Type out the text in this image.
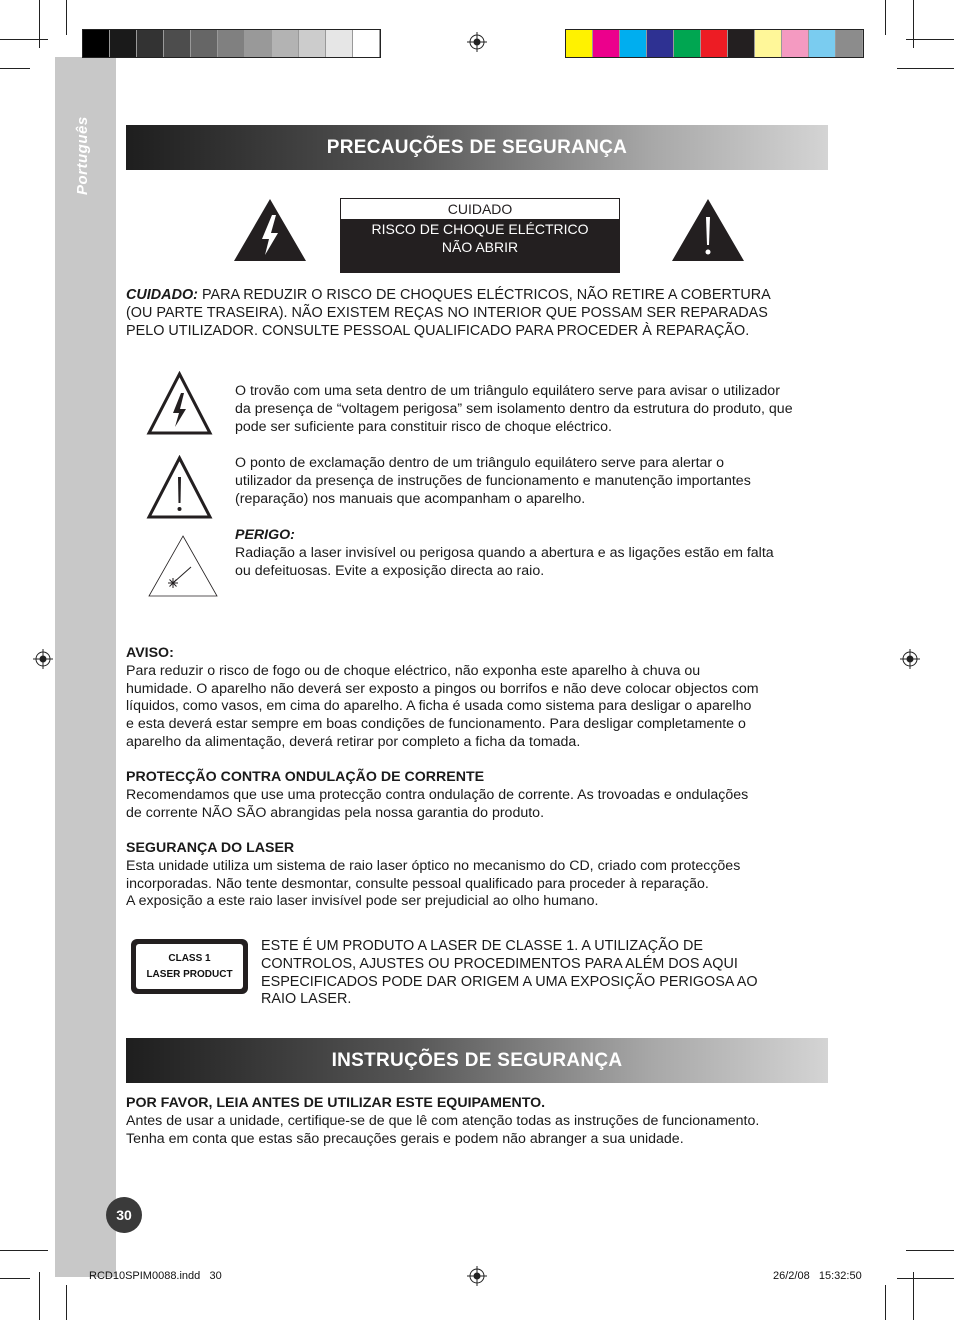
Português	PRECAUÇÕES DE SEGURANÇA
CUIDADO
RISCO DE CHOQUE ELÉCTRICO
NÃO ABRIR
CUIDADO: PARA REDUZIR O RISCO DE CHOQUES ELÉCTRICOS, NÃO RETIRE A COBERTURA
(OU PARTE TRASEIRA). NÃO EXISTEM REÇAS NO INTERIOR QUE POSSAM SER REPARADAS
PELO UTILIZADOR. CONSULTE PESSOAL QUALIFICADO PARA PROCEDER À REPARAÇÃO.
O trovão com uma seta dentro de um triângulo equilátero serve para avisar o utilizador
da presença de “voltagem perigosa” sem isolamento dentro da estrutura do produto, que
pode ser suficiente para constituir risco de choque eléctrico.
O ponto de exclamação dentro de um triângulo equilátero serve para alertar o
utilizador da presença de instruções de funcionamento e manutenção importantes
(reparação) nos manuais que acompanham o aparelho.
PERIGO:
Radiação a laser invisível ou perigosa quando a abertura e as ligações estão em falta
ou defeituosas. Evite a exposição directa ao raio.
AVISO:
Para reduzir o risco de fogo ou de choque eléctrico, não exponha este aparelho à chuva ou
humidade. O aparelho não deverá ser exposto a pingos ou borrifos e não deve colocar objectos com
líquidos, como vasos, em cima do aparelho. A ficha é usada como sistema para desligar o aparelho
e esta deverá estar sempre em boas condições de funcionamento. Para desligar completamente o
aparelho da alimentação, deverá retirar por completo a ficha da tomada.
PROTECÇÃO CONTRA ONDULAÇÃO DE CORRENTE
Recomendamos que use uma protecção contra ondulação de corrente. As trovoadas e ondulações
de corrente NÃO SÃO abrangidas pela nossa garantia do produto.
SEGURANÇA DO LASER
Esta unidade utiliza um sistema de raio laser óptico no mecanismo do CD, criado com protecções
incorporadas. Não tente desmontar, consulte pessoal qualificado para proceder à reparação.
A exposição a este raio laser invisível pode ser prejudicial ao olho humano.
CLASS 1
LASER PRODUCT
ESTE É UM PRODUTO A LASER DE CLASSE 1. A UTILIZAÇÃO DE
CONTROLOS, AJUSTES OU PROCEDIMENTOS PARA ALÉM DOS AQUI
ESPECIFICADOS PODE DAR ORIGEM A UMA EXPOSIÇÃO PERIGOSA AO
RAIO LASER.
INSTRUÇÕES DE SEGURANÇA
POR FAVOR, LEIA ANTES DE UTILIZAR ESTE EQUIPAMENTO.
Antes de usar a unidade, certifique-se de que lê com atenção todas as instruções de funcionamento.
Tenha em conta que estas são precauções gerais e podem não abranger a sua unidade.
30
RCD10SPIM0088.indd   30	26/2/08   15:32:50
